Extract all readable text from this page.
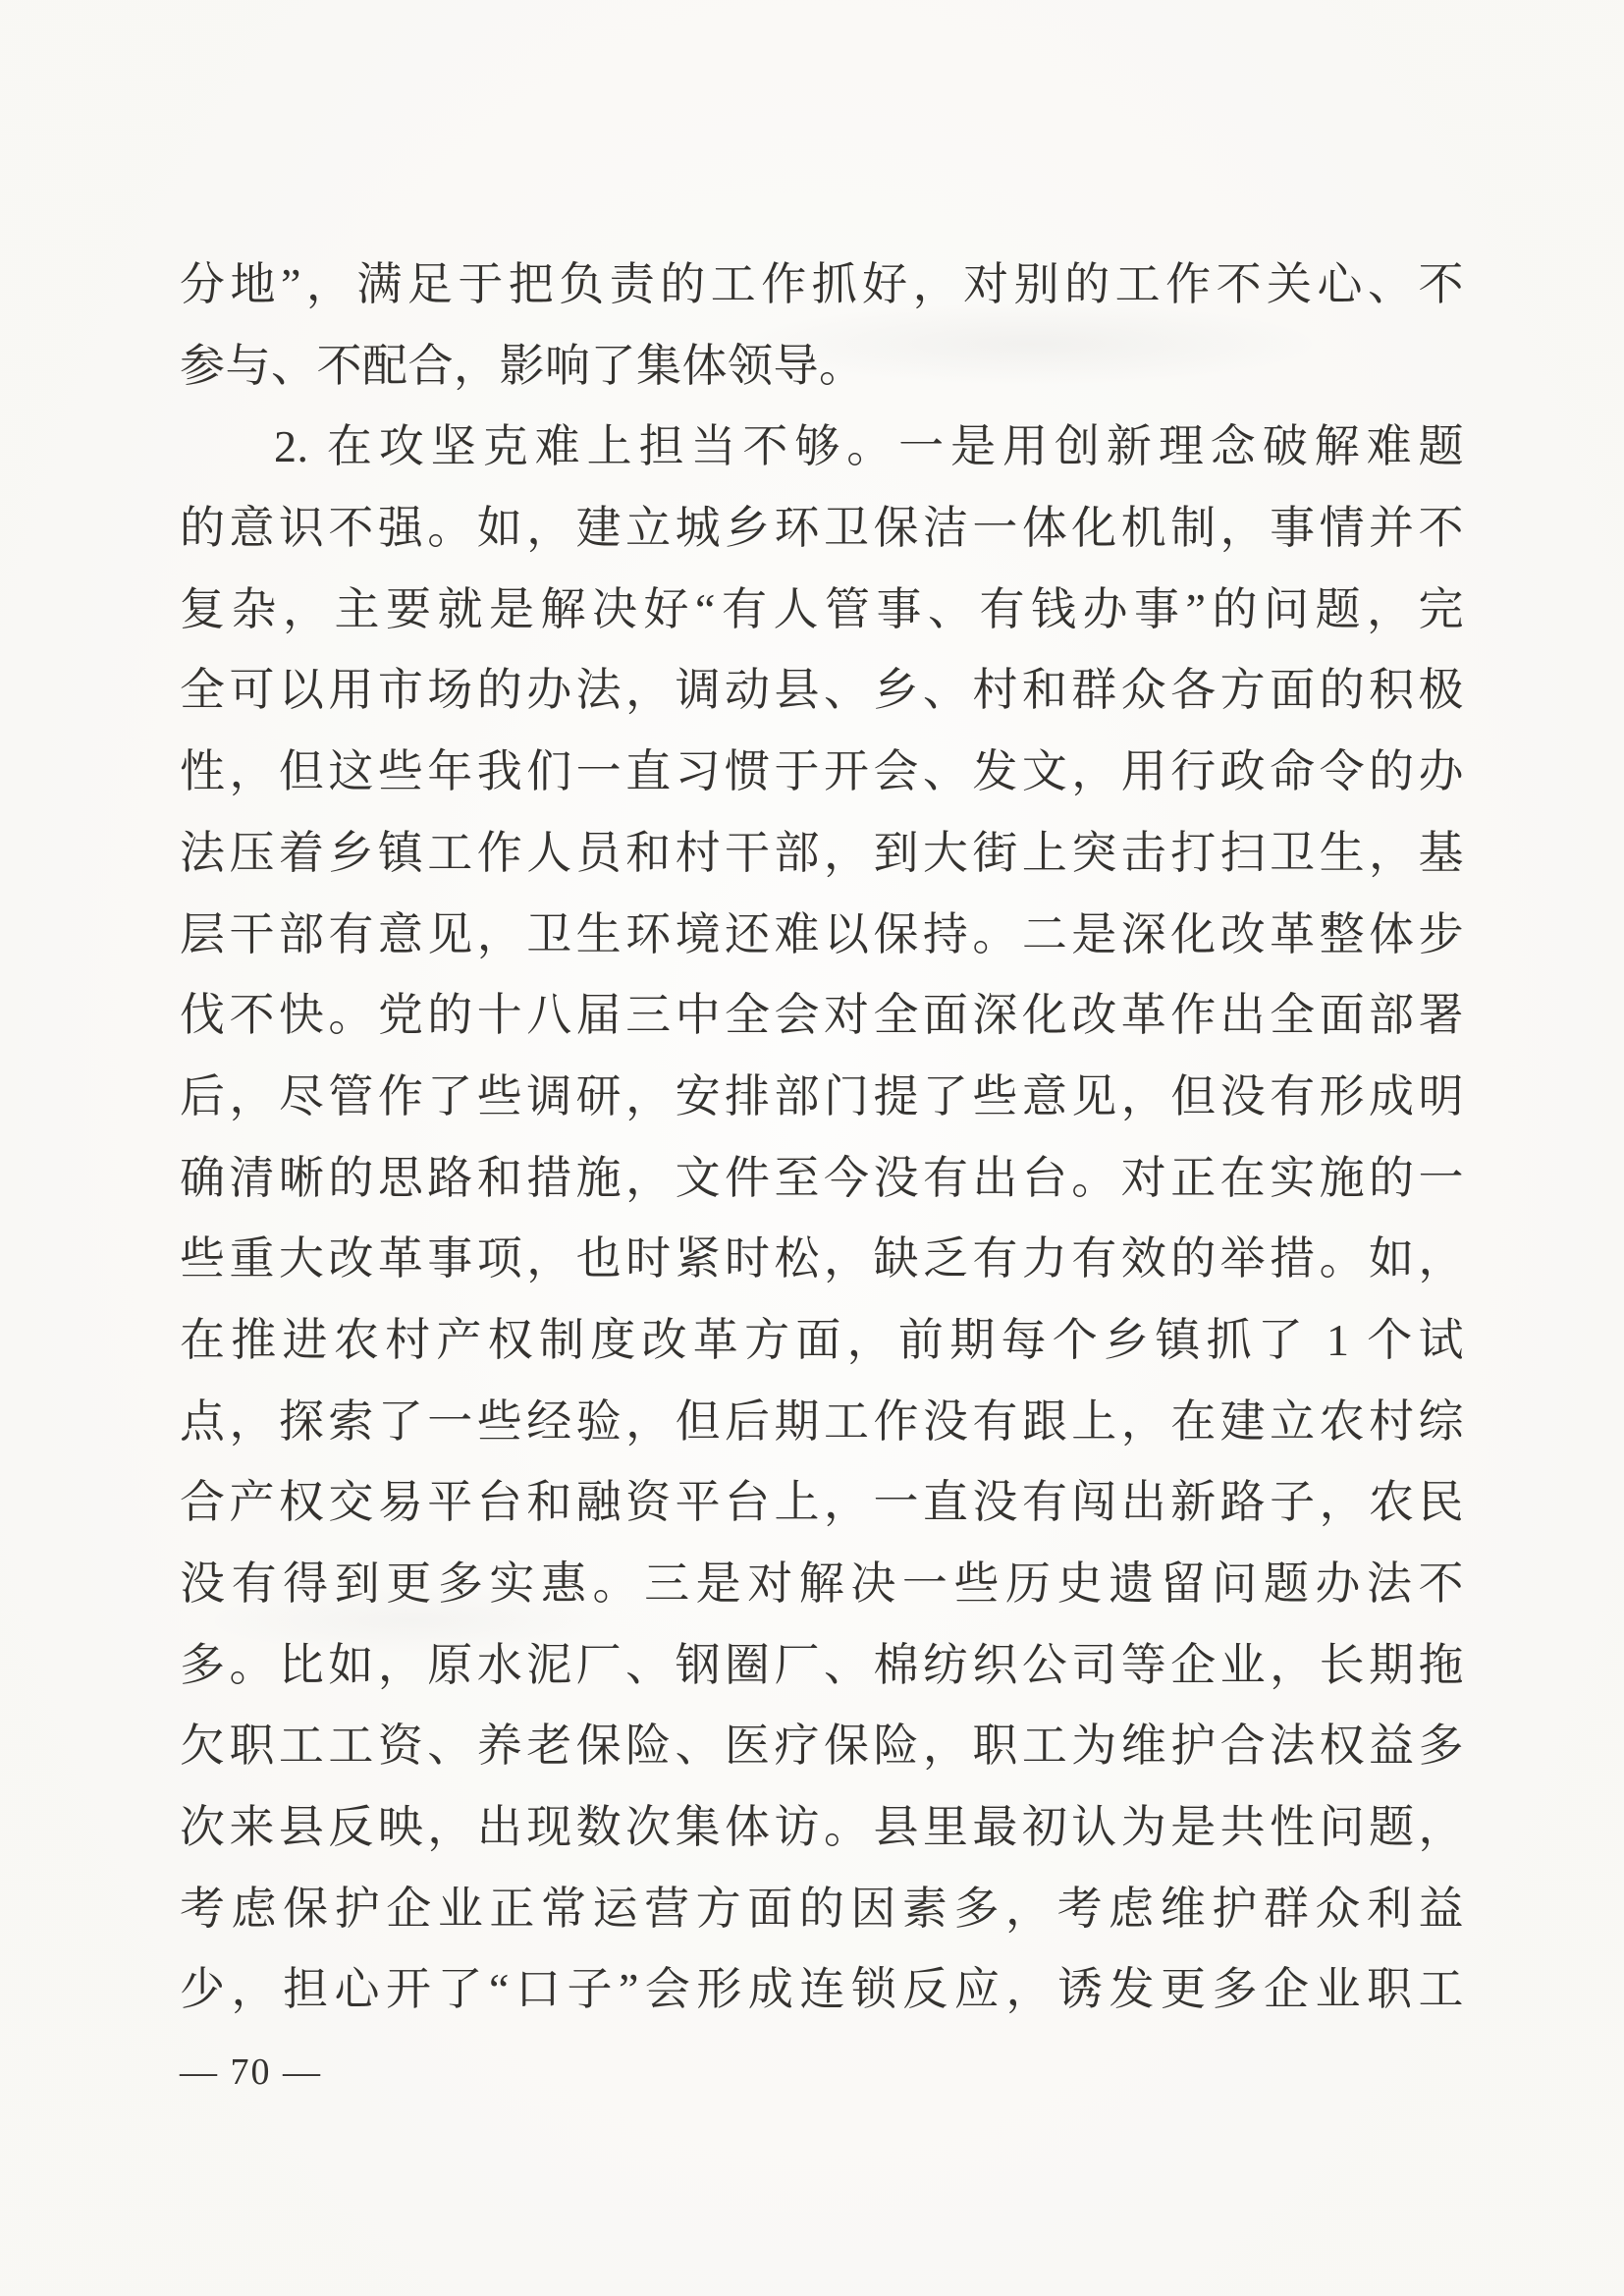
分地”，满足于把负责的工作抓好，对别的工作不关心、不
参与、不配合，影响了集体领导。
2. 在攻坚克难上担当不够。一是用创新理念破解难题
的意识不强。如，建立城乡环卫保洁一体化机制，事情并不
复杂，主要就是解决好“有人管事、有钱办事”的问题，完
全可以用市场的办法，调动县、乡、村和群众各方面的积极
性，但这些年我们一直习惯于开会、发文，用行政命令的办
法压着乡镇工作人员和村干部，到大街上突击打扫卫生，基
层干部有意见，卫生环境还难以保持。二是深化改革整体步
伐不快。党的十八届三中全会对全面深化改革作出全面部署
后，尽管作了些调研，安排部门提了些意见，但没有形成明
确清晰的思路和措施，文件至今没有出台。对正在实施的一
些重大改革事项，也时紧时松，缺乏有力有效的举措。如，
在推进农村产权制度改革方面，前期每个乡镇抓了 1 个试
点，探索了一些经验，但后期工作没有跟上，在建立农村综
合产权交易平台和融资平台上，一直没有闯出新路子，农民
没有得到更多实惠。三是对解决一些历史遗留问题办法不
多。比如，原水泥厂、钢圈厂、棉纺织公司等企业，长期拖
欠职工工资、养老保险、医疗保险，职工为维护合法权益多
次来县反映，出现数次集体访。县里最初认为是共性问题，
考虑保护企业正常运营方面的因素多，考虑维护群众利益
少，担心开了“口子”会形成连锁反应，诱发更多企业职工
— 70 —
